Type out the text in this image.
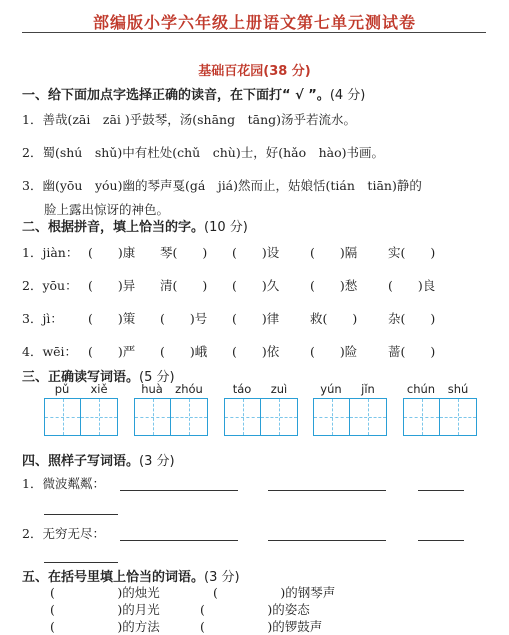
部编版小学六年级上册语文第七单元测试卷
基础百花园(38 分)
一、给下面加点字选择正确的读音，在下面打“ √ ”。(4 分)
1．善哉(zāi　zāi )乎鼓琴，汤(shāng　tāng)汤乎若流水。
2．蜀(shú　shǔ)中有杜处(chǔ　chù)士，好(hǎo　hào)书画。
3．幽(yōu　yóu)幽的琴声戛(gá　jiá)然而止，姑娘恬(tián　tiān)静的
脸上露出惊讶的神色。
二、根据拼音，填上恰当的字。(10 分)
1．jiàn： (　　)康 琴(　　) (　　)设 (　　)隔 实(　　)
2．yōu： (　　)异 清(　　) (　　)久 (　　)愁 (　　)良
3．jì： (　　)策 (　　)号 (　　)律 救(　　) 杂(　　)
4．wēi： (　　)严 (　　)峨 (　　)依 (　　)险 蔷(　　)
三、正确读写词语。(5 分)
pǔ	xiě	huà	zhóu	táo	zuì	yún	jǐn	chún	shú
四、照样子写词语。(3 分)
1．微波粼粼：
2．无穷无尽：
五、在括号里填上恰当的词语。(3 分)
(　　　　　)的烛光	(　　　　　)的钢琴声
(　　　　　)的月光	(　　　　　)的姿态
(　　　　　)的方法	(　　　　　)的锣鼓声
